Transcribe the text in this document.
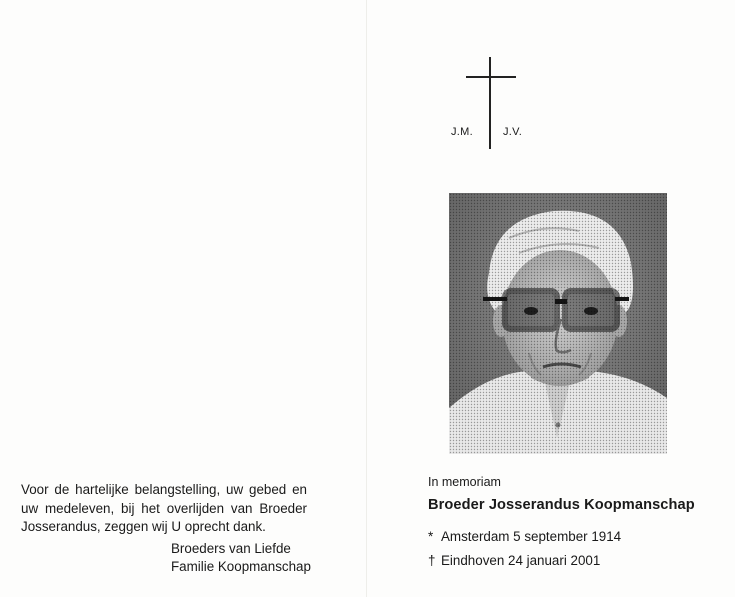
Voor de hartelijke belangstelling, uw gebed en uw medeleven, bij het overlijden van Broeder Josserandus, zeggen wij U oprecht dank.
Broeders van Liefde
Familie Koopmanschap
J.M.	J.V.
In memoriam
Broeder Josserandus Koopmanschap
* Amsterdam 5 september 1914
† Eindhoven 24 januari 2001
